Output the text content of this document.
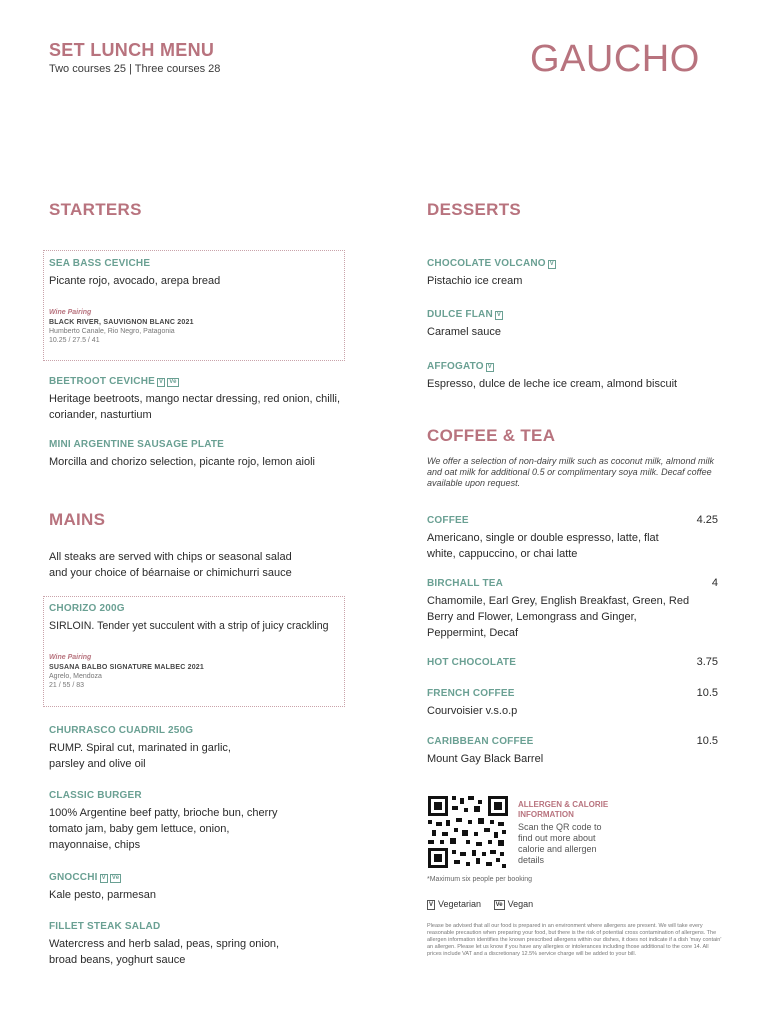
SET LUNCH MENU
Two courses 25 | Three courses 28	GAUCHO
STARTERS
SEA BASS CEVICHE
Picante rojo, avocado, arepa bread
Wine Pairing
BLACK RIVER, SAUVIGNON BLANC 2021
Humberto Canale, Rio Negro, Patagonia
10.25 / 27.5 / 41
BEETROOT CEVICHE V Ve
Heritage beetroots, mango nectar dressing, red onion, chilli, coriander, nasturtium
MINI ARGENTINE SAUSAGE PLATE
Morcilla and chorizo selection, picante rojo, lemon aioli
MAINS
All steaks are served with chips or seasonal salad
and your choice of béarnaise or chimichurri sauce
CHORIZO 200G
SIRLOIN. Tender yet succulent with a strip of juicy crackling
Wine Pairing
SUSANA BALBO SIGNATURE MALBEC 2021
Agrelo, Mendoza
21 / 55 / 83
CHURRASCO CUADRIL 250G
RUMP. Spiral cut, marinated in garlic, parsley and olive oil
CLASSIC BURGER
100% Argentine beef patty, brioche bun, cherry tomato jam, baby gem lettuce, onion, mayonnaise, chips
GNOCCHI V Ve
Kale pesto, parmesan
FILLET STEAK SALAD
Watercress and herb salad, peas, spring onion, broad beans, yoghurt sauce
DESSERTS
CHOCOLATE VOLCANO V
Pistachio ice cream
DULCE FLAN V
Caramel sauce
AFFOGATO V
Espresso, dulce de leche ice cream, almond biscuit
COFFEE & TEA
We offer a selection of non-dairy milk such as coconut milk, almond milk and oat milk for additional 0.5 or complimentary soya milk. Decaf coffee available upon request.
COFFEE
Americano, single or double espresso, latte, flat white, cappuccino, or chai latte
4.25
BIRCHALL TEA
Chamomile, Earl Grey, English Breakfast, Green, Red Berry and Flower, Lemongrass and Ginger, Peppermint, Decaf
4
HOT CHOCOLATE	3.75
FRENCH COFFEE
Courvoisier v.s.o.p
10.5
CARIBBEAN COFFEE
Mount Gay Black Barrel
10.5
ALLERGEN & CALORIE INFORMATION
Scan the QR code to find out more about calorie and allergen details
*Maximum six people per booking
V Vegetarian Ve Vegan
Please be advised that all our food is prepared in an environment where allergens are present. We will take every reasonable precaution when preparing your food, but there is the risk of potential cross contamination of allergens. The allergen information identifies the known prescribed allergens within our dishes, it does not indicate if a dish 'may contain' an allergen. Please let us know if you have any allergies or intolerances including those additional to the core 14. All prices include VAT and a discretionary 12.5% service charge will be added to your bill.
